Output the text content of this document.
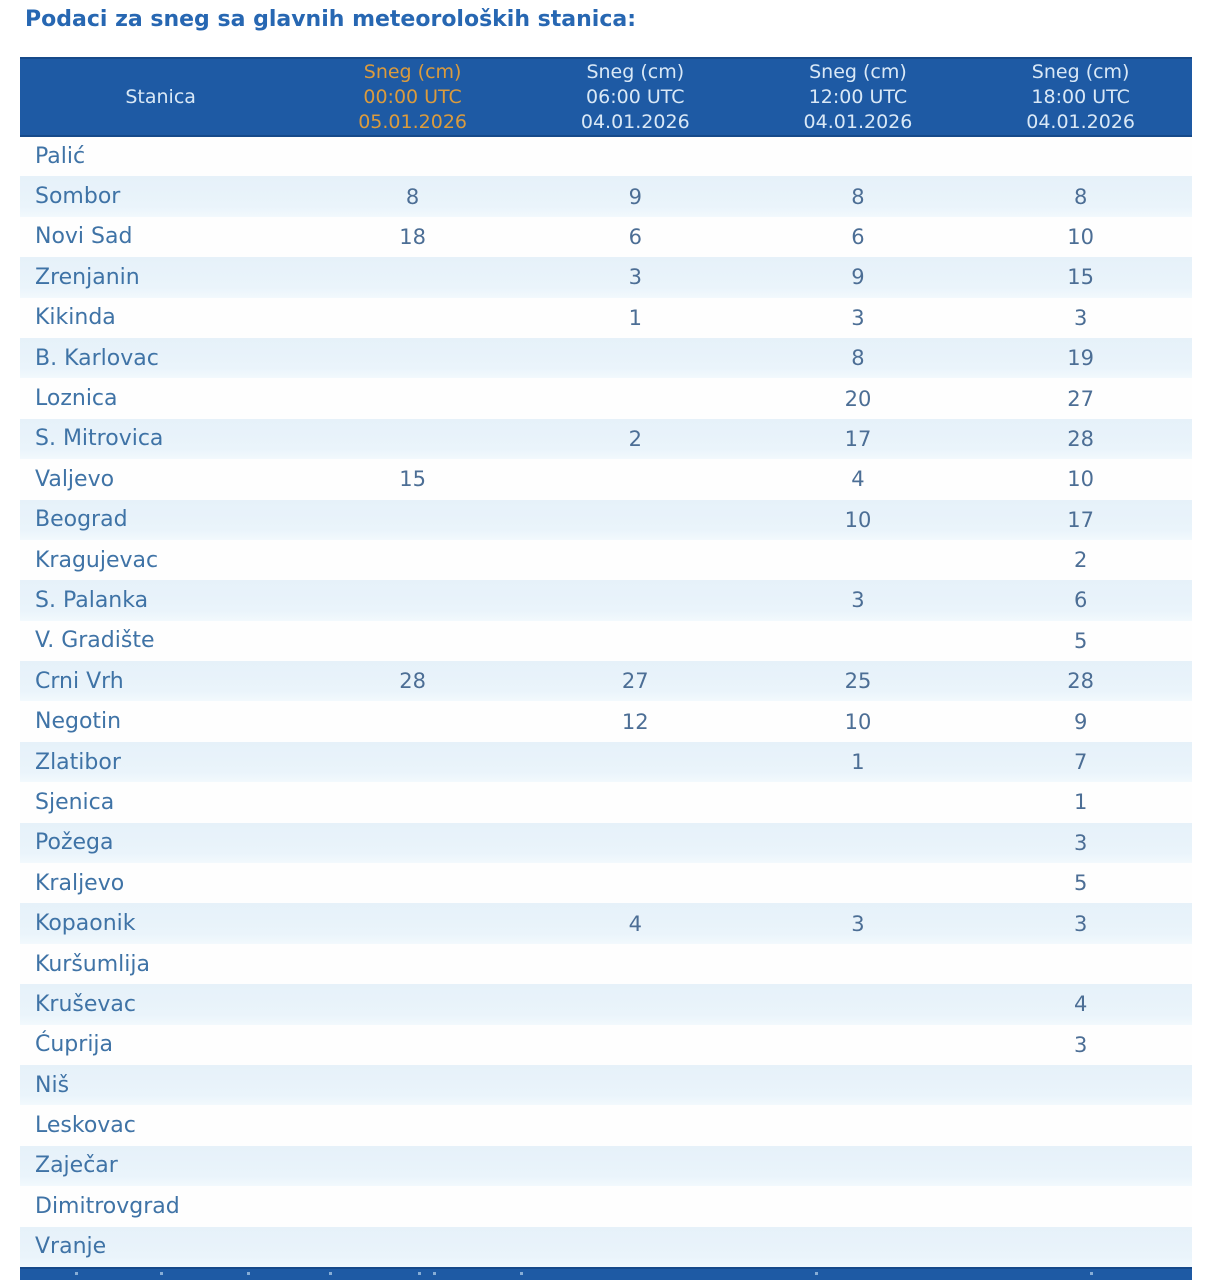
Podaci za sneg sa glavnih meteoroloških stanica:
Stanica	Sneg (cm)
00:00 UTC
05.01.2026	Sneg (cm)
06:00 UTC
04.01.2026	Sneg (cm)
12:00 UTC
04.01.2026	Sneg (cm)
18:00 UTC
04.01.2026

Palić				
Sombor	8	9	8	8
Novi Sad	18	6	6	10
Zrenjanin		3	9	15
Kikinda		1	3	3
B. Karlovac			8	19
Loznica			20	27
S. Mitrovica		2	17	28
Valjevo	15		4	10
Beograd			10	17
Kragujevac				2
S. Palanka			3	6
V. Gradište				5
Crni Vrh	28	27	25	28
Negotin		12	10	9
Zlatibor			1	7
Sjenica				1
Požega				3
Kraljevo				5
Kopaonik		4	3	3
Kuršumlija				
Kruševac				4
Ćuprija				3
Niš				
Leskovac				
Zaječar				
Dimitrovgrad				
Vranje				
